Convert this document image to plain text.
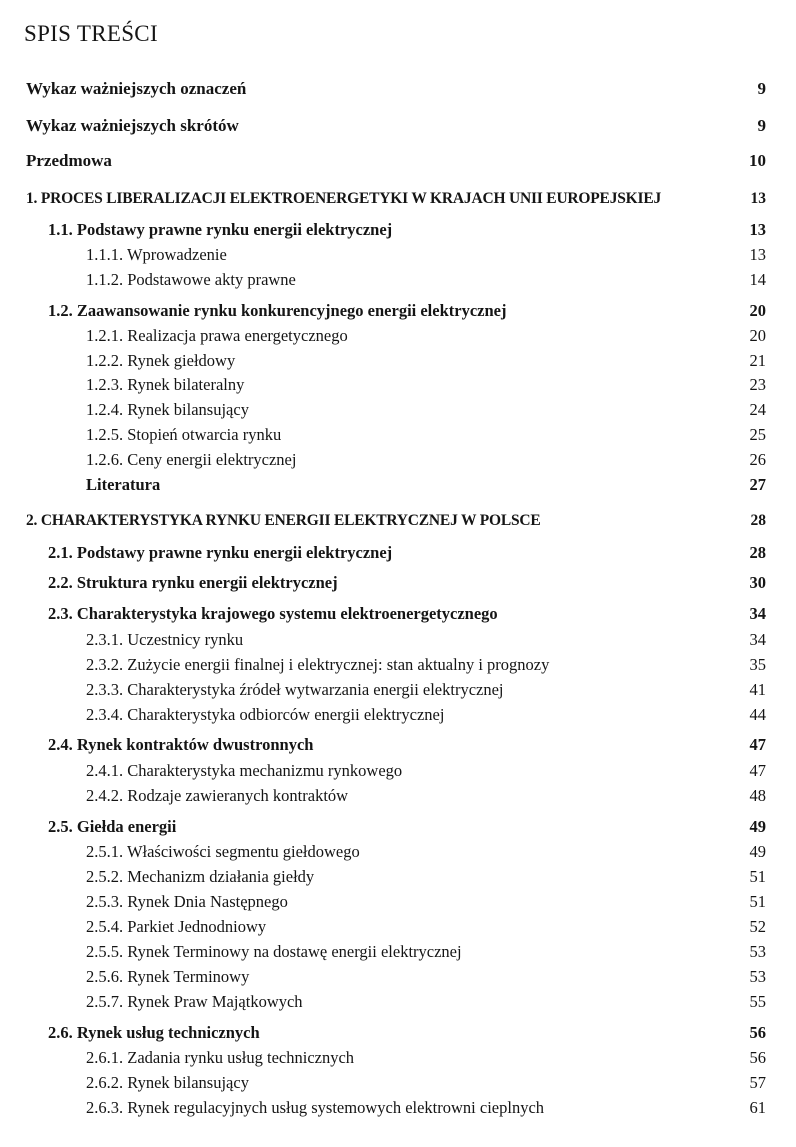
SPIS TREŚCI
Wykaz ważniejszych oznaczeń	9
Wykaz ważniejszych skrótów	9
Przedmowa	10
1. PROCES LIBERALIZACJI ELEKTROENERGETYKI W KRAJACH UNII EUROPEJSKIEJ	13
1.1. Podstawy prawne rynku energii elektrycznej	13
1.1.1. Wprowadzenie	13
1.1.2. Podstawowe akty prawne	14
1.2. Zaawansowanie rynku konkurencyjnego energii elektrycznej	20
1.2.1. Realizacja prawa energetycznego	20
1.2.2. Rynek giełdowy	21
1.2.3. Rynek bilateralny	23
1.2.4. Rynek bilansujący	24
1.2.5. Stopień otwarcia rynku	25
1.2.6. Ceny energii elektrycznej	26
Literatura	27
2. CHARAKTERYSTYKA RYNKU ENERGII ELEKTRYCZNEJ W POLSCE	28
2.1. Podstawy prawne rynku energii elektrycznej	28
2.2. Struktura rynku energii elektrycznej	30
2.3. Charakterystyka krajowego systemu elektroenergetycznego	34
2.3.1. Uczestnicy rynku	34
2.3.2. Zużycie energii finalnej i elektrycznej: stan aktualny i prognozy	35
2.3.3. Charakterystyka źródeł wytwarzania energii elektrycznej	41
2.3.4. Charakterystyka odbiorców energii elektrycznej	44
2.4. Rynek kontraktów dwustronnych	47
2.4.1. Charakterystyka mechanizmu rynkowego	47
2.4.2. Rodzaje zawieranych kontraktów	48
2.5. Giełda energii	49
2.5.1. Właściwości segmentu giełdowego	49
2.5.2. Mechanizm działania giełdy	51
2.5.3. Rynek Dnia Następnego	51
2.5.4. Parkiet Jednodniowy	52
2.5.5. Rynek Terminowy na dostawę energii elektrycznej	53
2.5.6. Rynek Terminowy	53
2.5.7. Rynek Praw Majątkowych	55
2.6. Rynek usług technicznych	56
2.6.1. Zadania rynku usług technicznych	56
2.6.2. Rynek bilansujący	57
2.6.3. Rynek regulacyjnych usług systemowych elektrowni cieplnych	61
